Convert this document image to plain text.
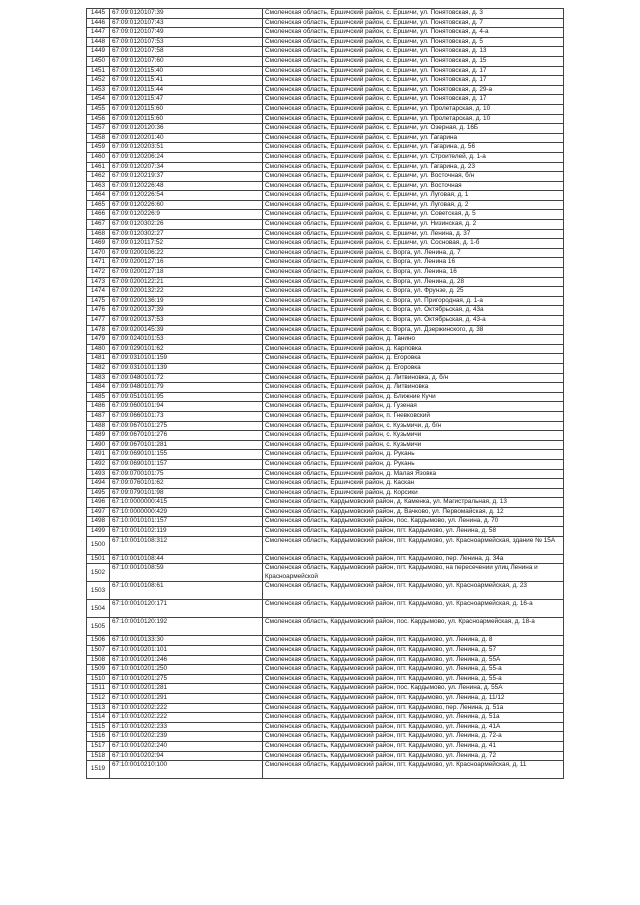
1445	67:09:0120107:39	Смоленская область, Ершичский район, с. Ершичи, ул. Понятовская, д. 3
1446	67:09:0120107:43	Смоленская область, Ершичский район, с. Ершичи, ул. Понятовская, д. 7
1447	67:09:0120107:49	Смоленская область, Ершичский район, с. Ершичи, ул. Понятовская, д. 4-а
1448	67:09:0120107:53	Смоленская область, Ершичский район, с. Ершичи, ул. Понятовская, д. 5
1449	67:09:0120107:58	Смоленская область, Ершичский район, с. Ершичи, ул. Понятовская, д. 13
1450	67:09:0120107:60	Смоленская область, Ершичский район, с. Ершичи, ул. Понятовская, д. 15
1451	67:09:0120115:40	Смоленская область, Ершичский район, с. Ершичи, ул. Понятовская, д. 17
1452	67:09:0120115:41	Смоленская область, Ершичский район, с. Ершичи, ул. Понятовская, д. 17
1453	67:09:0120115:44	Смоленская область, Ершичский район, с. Ершичи, ул. Понятовская, д. 29-а
1454	67:09:0120115:47	Смоленская область, Ершичский район, с. Ершичи, ул. Понятовская, д. 17
1455	67:09:0120115:60	Смоленская область, Ершичский район, с. Ершичи, ул. Пролетарская, д. 10
1456	67:09:0120115:60	Смоленская область, Ершичский район, с. Ершичи, ул. Пролетарская, д. 10
1457	67:09:0120120:36	Смоленская область, Ершичский район, с. Ершичи, ул. Озерная, д. 16Б
1458	67:09:0120201:40	Смоленская область, Ершичский район, с. Ершичи, ул. Гагарина
1459	67:09:0120203:51	Смоленская область, Ершичский район, с. Ершичи, ул. Гагарина, д. 56
1460	67:09:0120206:24	Смоленская область, Ершичский район, с. Ершичи, ул. Строителей, д. 1-а
1461	67:09:0120207:34	Смоленская область, Ершичский район, с. Ершичи, ул. Гагарина, д. 23
1462	67:09:0120219:37	Смоленская область, Ершичский район, с. Ершичи, ул. Восточная, б/н
1463	67:09:0120226:48	Смоленская область, Ершичский район, с. Ершичи, ул. Восточная
1464	67:09:0120226:54	Смоленская область, Ершичский район, с. Ершичи, ул. Луговая, д. 1
1465	67:09:0120226:60	Смоленская область, Ершичский район, с. Ершичи, ул. Луговая, д. 2
1466	67:09:0120226:9	Смоленская область, Ершичский район, с. Ершичи, ул. Советская, д. 5
1467	67:09:0120302:26	Смоленская область, Ершичский район, с. Ершичи, ул. Низинская, д. 2
1468	67:09:0120302:27	Смоленская область, Ершичский район, с. Ершичи, ул. Ленина, д. 37
1469	67:09:0120117:52	Смоленская область, Ершичский район, с. Ершичи, ул. Сосновая, д. 1-б
1470	67:09:0200106:22	Смоленская область, Ершичский район, с. Ворга, ул. Ленина, д. 7
1471	67:09:0200127:16	Смоленская область, Ершичский район, с. Ворга, ул. Ленина 16
1472	67:09:0200127:18	Смоленская область, Ершичский район, с. Ворга, ул. Ленина, 16
1473	67:09:0200122:21	Смоленская область, Ершичский район, с. Ворга, ул. Ленина, д. 28
1474	67:09:0200132:22	Смоленская область, Ершичский район, с. Ворга, ул. Фрунзе, д. 25
1475	67:09:0200136:19	Смоленская область, Ершичский район, с. Ворга, ул. Пригородная, д. 1-а
1476	67:09:0200137:39	Смоленская область, Ершичский район, с. Ворга, ул. Октябрьская, д. 43а
1477	67:09:0200137:53	Смоленская область, Ершичский район, с. Ворга, ул. Октябрьская, д. 43-а
1478	67:09:0200145:39	Смоленская область, Ершичский район, с. Ворга, ул. Дзержинского, д. 38
1479	67:09:0240101:53	Смоленская область, Ершичский район, д. Танино
1480	67:09:0290101:62	Смоленская область, Ершичский район, д. Карповка
1481	67:09:0310101:159	Смоленская область, Ершичский район, д. Егоровка
1482	67:09:0310101:139	Смоленская область, Ершичский район, д. Егоровка
1483	67:09:0480101:72	Смоленская область, Ершичский район, д. Литвиновка, д. б/н
1484	67:09:0480101:79	Смоленская область, Ершичский район, д. Литвиновка
1485	67:09:0510101:95	Смоленская область, Ершичский район, д. Ближние Кучи
1486	67:09:0600101:94	Смоленская область, Ершичский район, д. Гузеная
1487	67:09:0660101:73	Смоленская область, Ершичский район, п. Гневковский
1488	67:09:0670101:275	Смоленская область, Ершичский район, с. Кузьмичи, д. б/н
1489	67:09:0670101:276	Смоленская область, Ершичский район, с. Кузьмичи
1490	67:09:0670101:281	Смоленская область, Ершичский район, с. Кузьмичи
1491	67:09:0690101:155	Смоленская область, Ершичский район, д. Рукань
1492	67:09:0690101:157	Смоленская область, Ершичский район, д. Рукань
1493	67:09:0700101:75	Смоленская область, Ершичский район, д. Малая Язовка
1494	67:09:0760101:62	Смоленская область, Ершичский район, д. Каскан
1495	67:09:0790101:98	Смоленская область, Ершичский район, д. Корсики
1496	67:10:0000000:415	Смоленская область, Кардымовский район, д. Каменка, ул. Магистральная, д. 13
1497	67:10:0000000:429	Смоленская область, Кардымовский район, д. Вачково, ул. Первомайская, д. 12
1498	67:10:0010101:157	Смоленская область, Кардымовский район, пос. Кардымово, ул. Ленина, д. 70
1499	67:10:0010102:119	Смоленская область, Кардымовский район, пгт. Кардымово, ул. Ленина, д. 58
1500	67:10:0010108:312	Смоленская область, Кардымовский район, пгт. Кардымово, ул. Красноармейская, здание № 15А
1501	67:10:0010108:44	Смоленская область, Кардымовский район, пгт. Кардымово, пер. Ленина, д. 34а
1502	67:10:0010108:59	Смоленская область, Кардымовский район, пгт. Кардымово, на пересечении улиц Ленина и Красноармейской
1503	67:10:0010108:61	Смоленская область, Кардымовский район, пгт. Кардымово, ул. Красноармейская, д. 23
1504	67:10:0010120:171	Смоленская область, Кардымовский район, пгт. Кардымово, ул. Красноармейская, д. 16-а
1505	67:10:0010120:192	Смоленская область, Кардымовский район, пос. Кардымово, ул. Красноармейская, д. 18-а
1506	67:10:0010133:30	Смоленская область, Кардымовский район, пгт. Кардымово, ул. Ленина, д. 8
1507	67:10:0010201:101	Смоленская область, Кардымовский район, пгт. Кардымово, ул. Ленина, д. 57
1508	67:10:0010201:246	Смоленская область, Кардымовский район, пгт. Кардымово, ул. Ленина, д. 55А
1509	67:10:0010201:250	Смоленская область, Кардымовский район, пгт. Кардымово, ул. Ленина, д. 55-а
1510	67:10:0010201:275	Смоленская область, Кардымовский район, пгт. Кардымово, ул. Ленина, д. 55-а
1511	67:10:0010201:281	Смоленская область, Кардымовский район, пос. Кардымово, ул. Ленина, д. 55А
1512	67:10:0010201:291	Смоленская область, Кардымовский район, пгт. Кардымово, ул. Ленина, д. 11/12
1513	67:10:0010202:222	Смоленская область, Кардымовский район, пгт. Кардымово, пер. Ленина, д. 51а
1514	67:10:0010202:222	Смоленская область, Кардымовский район, пгт. Кардымово, ул. Ленина, д. 51а
1515	67:10:0010202:233	Смоленская область, Кардымовский район, пгт. Кардымово, ул. Ленина, д. 41А
1516	67:10:0010202:239	Смоленская область, Кардымовский район, пгт. Кардымово, ул. Ленина, д. 72-а
1517	67:10:0010202:240	Смоленская область, Кардымовский район, пгт. Кардымово, ул. Ленина, д. 41
1518	67:10:0010202:94	Смоленская область, Кардымовский район, пгт. Кардымово, ул. Ленина, д. 72
1519	67:10:0010210:100	Смоленская область, Кардымовский район, пгт. Кардымово, ул. Красноармейская, д. 11
